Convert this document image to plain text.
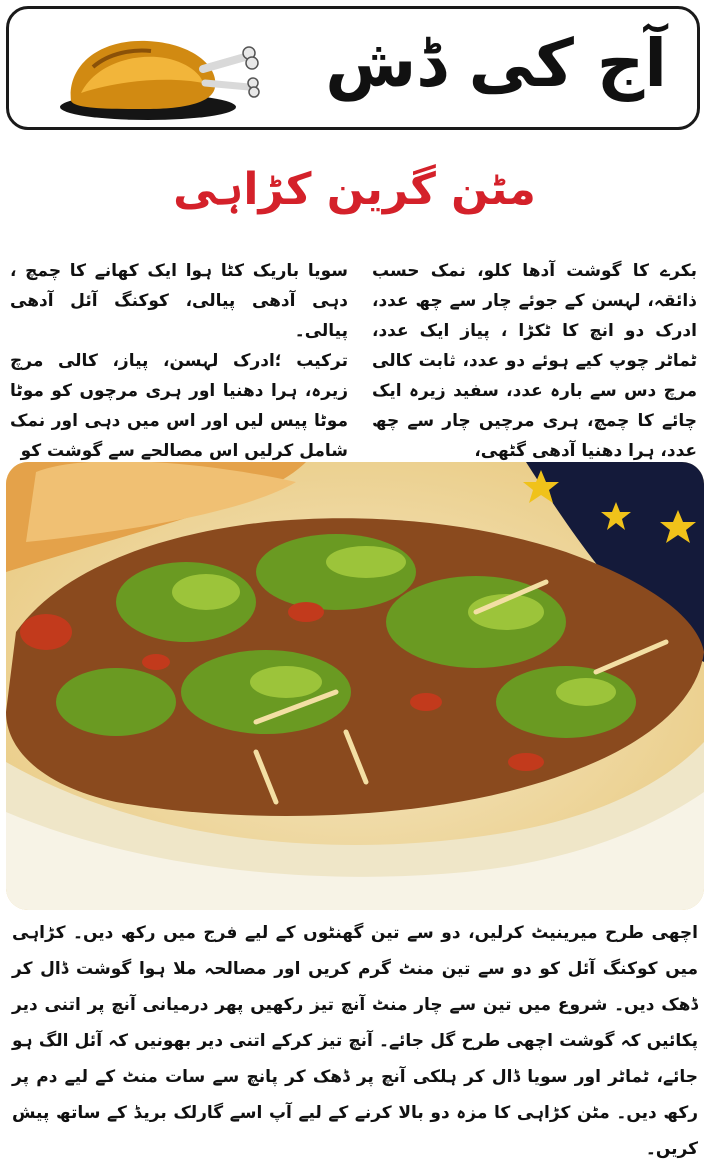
آج کی ڈش
مٹن گرین کڑاہی

بکرے کا گوشت آدھا کلو، نمک حسب ذائقہ، لہسن کے جوئے چار سے چھ عدد، ادرک دو انچ کا ٹکڑا ، پیاز ایک عدد، ٹماٹر چوپ کیے ہوئے دو عدد، ثابت کالی مرچ دس سے بارہ عدد، سفید زیرہ ایک چائے کا چمچ، ہری مرچیں چار سے چھ عدد، ہرا دھنیا آدھی گٹھی،

سویا باریک کٹا ہوا ایک کھانے کا چمچ ، دہی آدھی پیالی، کوکنگ آئل آدھی پیالی۔

ترکیب ؛ادرک لہسن، پیاز، کالی مرچ زیرہ، ہرا دھنیا اور ہری مرچوں کو موٹا موٹا پیس لیں اور اس میں دہی اور نمک شامل کرلیں اس مصالحے سے گوشت کو

اچھی طرح میرینیٹ کرلیں، دو سے تین گھنٹوں کے لیے فرج میں رکھ دیں۔ کڑاہی میں کوکنگ آئل کو دو سے تین منٹ گرم کریں اور مصالحہ ملا ہوا گوشت ڈال کر ڈھک دیں۔ شروع میں تین سے چار منٹ آنچ تیز رکھیں پھر درمیانی آنچ پر اتنی دیر پکائیں کہ گوشت اچھی طرح گل جائے۔ آنچ تیز کرکے اتنی دیر بھونیں کہ آئل الگ ہو جائے، ٹماٹر اور سویا ڈال کر ہلکی آنچ پر ڈھک کر پانچ سے سات منٹ کے لیے دم پر رکھ دیں۔ مٹن کڑاہی کا مزہ دو بالا کرنے کے لیے آپ اسے گارلک بریڈ کے ساتھ پیش کریں۔
